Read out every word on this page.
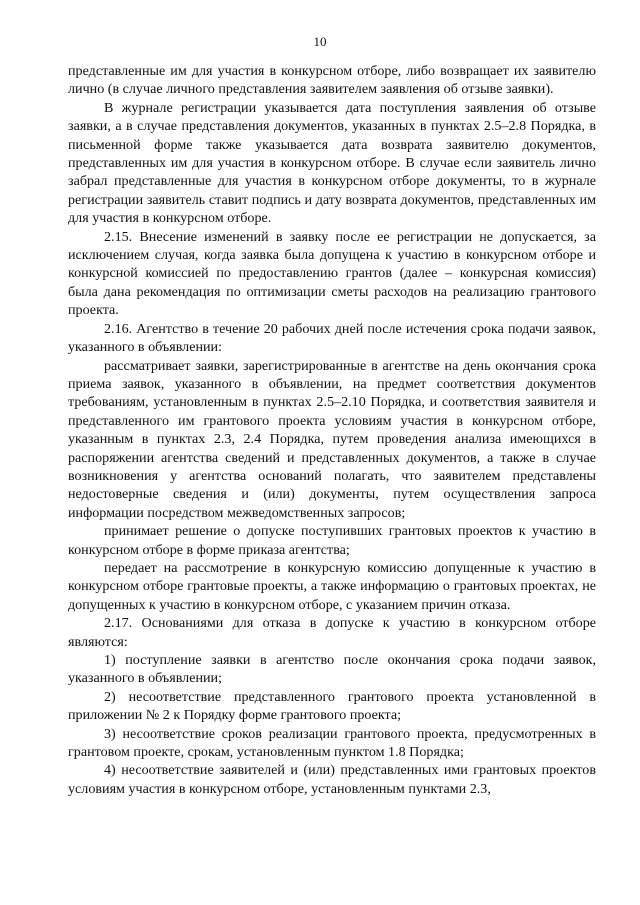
10

представленные им для участия в конкурсном отборе, либо возвращает их заявителю лично (в случае личного представления заявителем заявления об отзыве заявки).

В журнале регистрации указывается дата поступления заявления об отзыве заявки, а в случае представления документов, указанных в пунктах 2.5–2.8 Порядка, в письменной форме также указывается дата возврата заявителю документов, представленных им для участия в конкурсном отборе. В случае если заявитель лично забрал представленные для участия в конкурсном отборе документы, то в журнале регистрации заявитель ставит подпись и дату возврата документов, представленных им для участия в конкурсном отборе.

2.15. Внесение изменений в заявку после ее регистрации не допускается, за исключением случая, когда заявка была допущена к участию в конкурсном отборе и конкурсной комиссией по предоставлению грантов (далее – конкурсная комиссия) была дана рекомендация по оптимизации сметы расходов на реализацию грантового проекта.

2.16. Агентство в течение 20 рабочих дней после истечения срока подачи заявок, указанного в объявлении:

рассматривает заявки, зарегистрированные в агентстве на день окончания срока приема заявок, указанного в объявлении, на предмет соответствия документов требованиям, установленным в пунктах 2.5–2.10 Порядка, и соответствия заявителя и представленного им грантового проекта условиям участия в конкурсном отборе, указанным в пунктах 2.3, 2.4 Порядка, путем проведения анализа имеющихся в распоряжении агентства сведений и представленных документов, а также в случае возникновения у агентства оснований полагать, что заявителем представлены недостоверные сведения и (или) документы, путем осуществления запроса информации посредством межведомственных запросов;

принимает решение о допуске поступивших грантовых проектов к участию в конкурсном отборе в форме приказа агентства;

передает на рассмотрение в конкурсную комиссию допущенные к участию в конкурсном отборе грантовые проекты, а также информацию о грантовых проектах, не допущенных к участию в конкурсном отборе, с указанием причин отказа.

2.17. Основаниями для отказа в допуске к участию в конкурсном отборе являются:

1) поступление заявки в агентство после окончания срока подачи заявок, указанного в объявлении;

2) несоответствие представленного грантового проекта установленной в приложении № 2 к Порядку форме грантового проекта;

3) несоответствие сроков реализации грантового проекта, предусмотренных в грантовом проекте, срокам, установленным пунктом 1.8 Порядка;

4) несоответствие заявителей и (или) представленных ими грантовых проектов условиям участия в конкурсном отборе, установленным пунктами 2.3,
